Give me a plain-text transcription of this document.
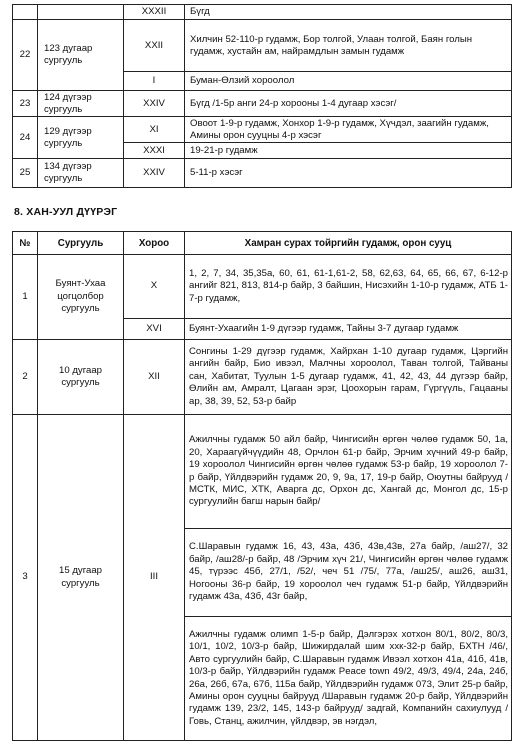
		XXXII	Бүгд
22	123 дугаар сургууль	XXII	Хилчин 52-110-р гудамж, Бор толгой, Улаан толгой, Баян голын гудамж, хустайн ам, найрамдлын замын гудамж
		I	Буман-Өлзий хороолол
23	124 дүгээр сургууль	XXIV	Бүгд /1-5р анги 24-р хорооны 1-4 дугаар хэсэг/
24	129 дүгээр сургууль	XI	Овоот 1-9-р гудамж, Хонхор 1-9-р гудамж, Хүчдэл, заагийн гудамж, Амины орон сууцны 4-р хэсэг
		XXXI	19-21-р гудамж
25	134 дүгээр сургууль	XXIV	5-11-р хэсэг
8. ХАН-УУЛ ДҮҮРЭГ
№	Сургууль	Хороо	Хамран сурах тойргийн гудамж, орон сууц
1	Буянт-Ухаа цогцолбор сургууль	X	1, 2, 7, 34, 35,35а, 60, 61, 61-1,61-2, 58, 62,63, 64, 65, 66, 67, 6-12-р ангийг 821, 813, 814-р байр, 3 байшин, Нисэхийн 1-10-р гудамж, АТБ 1-7-р гудамж,
		XVI	Буянт-Ухаагийн 1-9 дүгээр гудамж, Тайны 3-7 дугаар гудамж
2	10 дугаар сургууль	XII	Сонгины 1-29 дүгээр гудамж, Хайрхан 1-10 дугаар гудамж, Цэргийн ангийн байр, Био ивээл, Малчны хороолол, Таван толгой, Тайваны сан, Хабитат, Туулын 1-5 дугаар гудамж, 41, 42, 43, 44 дүгээр байр, Өлийн ам, Амралт, Цагаан эрэг, Цоохорын гарам, Гүргүүль, Гацааны ар, 38, 39, 52, 53-р байр
3	15 дугаар сургууль	III	Ажилчны гудамж 50 айл байр, Чингисийн өргөн чөлөө гудамж 50, 1а, 20, Хараагүйчүүдийн 48, Орчлон 61-р байр, Эрчим хүчний 49-р байр, 19 хороолол Чингисийн өргөн чөлөө гудамж 53-р байр, 19 хороолол 7-р байр, Үйлдвэрийн гудамж 20, 9, 9а, 17, 19-р байр, Оюутны байрууд /МСТК, МИС, ХТК, Аварга дс, Орхон дс, Хангай дс, Монгол дс, 15-р сургуулийн багш нарын байр/
			С.Шаравын гудамж 16, 43, 43а, 43б, 43в,43в, 27а байр, /аш27/, 32 байр, /аш28/-р байр, 48 /Эрчим хүч 21/, Чингисийн өргөн чөлөө гудамж 45, түрээс 45б, 27/1, /52/, чеч 51 /75/, 77а, /аш25/, аш26, аш31, Ногооны 36-р байр, 19 хороолол чеч гудамж 51-р байр, Үйлдвэрийн гудамж 43а, 43б, 43г байр,
			Ажилчны гудамж олимп 1-5-р байр, Дэлгэрэх хотхон 80/1, 80/2, 80/3, 10/1, 10/2, 10/3-р байр, Шижирдалай шим ххк-32-р байр, БХТН /46/, Авто сургуулийн байр, С.Шаравын гудамж Ивээл хотхон 41а, 41б, 41в, 10/3-р байр, Үйлдвэрийн гудамж Peace town 49/2, 49/3, 49/4, 24а, 24б, 26а, 26б, 67а, 67б, 115а байр, Үйлдвэрийн гудамж 073, Элит 25-р байр, Амины орон сууцны байрууд /Шаравын гудамж 20-р байр, Үйлдвэрийн гудамж 139, 23/2, 145, 143-р байрууд/ задгай, Компанийн сахиулууд /Говь, Станц, ажилчин, үйлдвэр, эв нэгдэл,
